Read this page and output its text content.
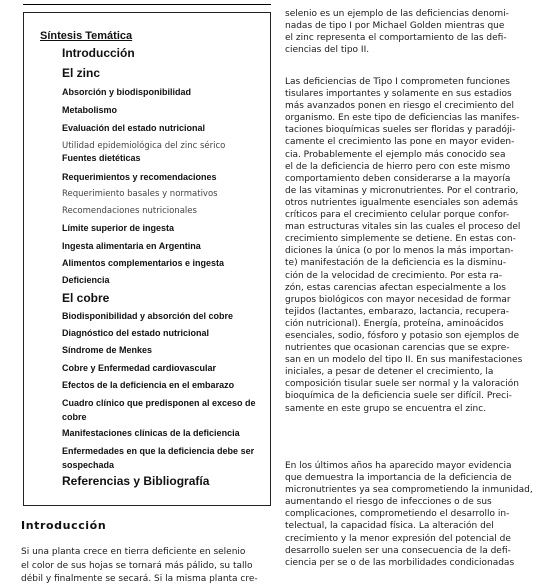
Síntesis Temática
Introducción
El zinc
Absorción y biodisponibilidad
Metabolismo
Evaluación del estado nutricional
Utilidad epidemiológica del zinc sérico
Fuentes dietéticas
Requerimientos y recomendaciones
Requerimiento basales y normativos
Recomendaciones nutricionales
Límite superior de ingesta
Ingesta alimentaria en Argentina
Alimentos complementarios e ingesta
Deficiencia
El cobre
Biodisponibilidad y absorción del cobre
Diagnóstico del estado nutricional
Síndrome de Menkes
Cobre y Enfermedad cardiovascular
Efectos de la deficiencia en el embarazo
Cuadro clínico que predisponen al exceso de cobre
Manifestaciones clínicas de la deficiencia
Enfermedades en que la deficiencia debe ser sospechada
Referencias y Bibliografía
Introducción
Si una planta crece en tierra deficiente en selenio
el color de sus hojas se tornará más pálido, su tallo
débil y finalmente se secará. Si la misma planta cre-
selenio es un ejemplo de las deficiencias denomi-
nadas de tipo I por Michael Golden mientras que
el zinc representa el comportamiento de las defi-
ciencias del tipo II.
Las deficiencias de Tipo I comprometen funciones
tisulares importantes y solamente en sus estadios
más avanzados ponen en riesgo el crecimiento del
organismo. En este tipo de deficiencias las manifes-
taciones bioquímicas sueles ser floridas y paradóji-
camente el crecimiento las pone en mayor eviden-
cia. Probablemente el ejemplo más conocido sea
el de la deficiencia de hierro pero con este mismo
comportamiento deben considerarse a la mayoría
de las vitaminas y micronutrientes. Por el contrario,
otros nutrientes igualmente esenciales son además
críticos para el crecimiento celular porque confor-
man estructuras vitales sin las cuales el proceso del
crecimiento simplemente se detiene. En estas con-
diciones la única (o por lo menos la más importan-
te) manifestación de la deficiencia es la disminu-
ción de la velocidad de crecimiento. Por esta ra-
zón, estas carencias afectan especialmente a los
grupos biológicos con mayor necesidad de formar
tejidos (lactantes, embarazo, lactancia, recupera-
ción nutricional). Energía, proteína, aminoácidos
esenciales, sodio, fósforo y potasio son ejemplos de
nutrientes que ocasionan carencias que se expre-
san en un modelo del tipo II. En sus manifestaciones
iniciales, a pesar de detener el crecimiento, la
composición tisular suele ser normal y la valoración
bioquímica de la deficiencia suele ser difícil. Preci-
samente en este grupo se encuentra el zinc.
En los últimos años ha aparecido mayor evidencia
que demuestra la importancia de la deficiencia de
micronutrientes ya sea comprometiendo la inmunidad,
aumentando el riesgo de infecciones o de sus
complicaciones, comprometiendo el desarrollo in-
telectual, la capacidad física. La alteración del
crecimiento y la menor expresión del potencial de
desarrollo suelen ser una consecuencia de la defi-
ciencia per se o de las morbilidades condicionadas
